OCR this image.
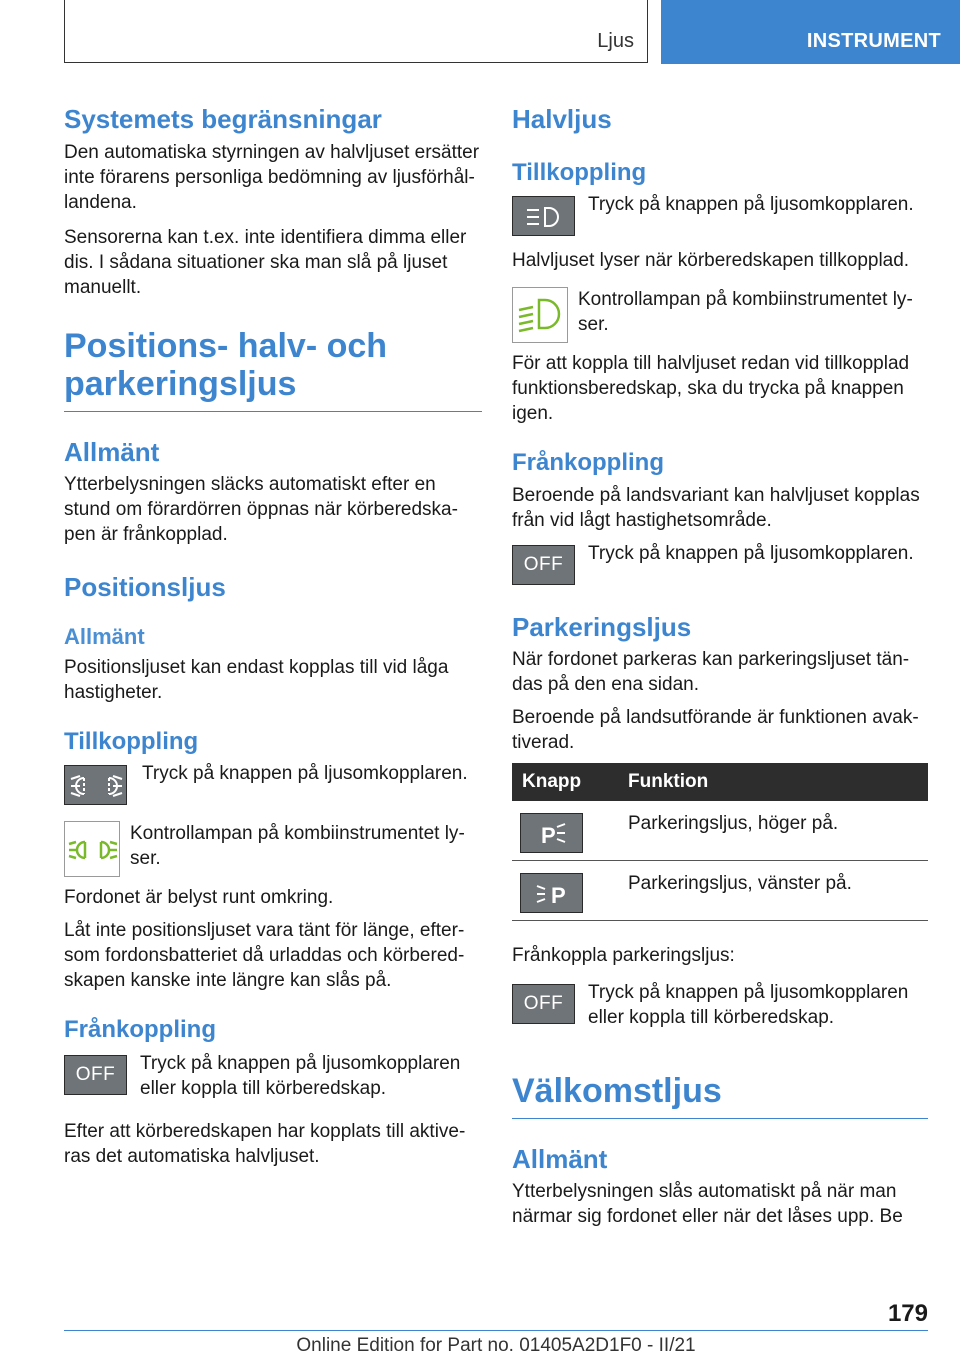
Ljus	INSTRUMENT
Systemets begränsningar

Den automatiska styrningen av halvljuset ersätter inte förarens personliga bedömning av ljusförhållandena.

Sensorerna kan t.ex. inte identifiera dimma eller dis. I sådana situationer ska man slå på ljuset manuellt.

Positions- halv- och parkeringsljus
Allmänt

Ytterbelysningen släcks automatiskt efter en stund om förardörren öppnas när körberedskapen är frånkopplad.

Positionsljus
Allmänt

Positionsljuset kan endast kopplas till vid låga hastigheter.

Tillkoppling
Tryck på knappen på ljusomkopplaren.
Kontrollampan på kombiinstrumentet lyser.

Fordonet är belyst runt omkring.

Låt inte positionsljuset vara tänt för länge, eftersom fordonsbatteriet då urladdas och körberedskapen kanske inte längre kan slås på.

Frånkoppling
OFF
Tryck på knappen på ljusomkopplaren eller koppla till körberedskap.

Efter att körberedskapen har kopplats till aktiveras det automatiska halvljuset.

Halvljus
Tillkoppling
Tryck på knappen på ljusomkopplaren.

Halvljuset lyser när körberedskapen tillkopplad.

Kontrollampan på kombiinstrumentet lyser.

För att koppla till halvljuset redan vid tillkopplad funktionsberedskap, ska du trycka på knappen igen.

Frånkoppling

Beroende på landsvariant kan halvljuset kopplas från vid lågt hastighetsområde.

OFF
Tryck på knappen på ljusomkopplaren.
Parkeringsljus

När fordonet parkeras kan parkeringsljuset tändas på den ena sidan.

Beroende på landsutförande är funktionen avaktiverad.

Knapp	Funktion

P	Parkeringsljus, höger på.

P	Parkeringsljus, vänster på.

Frånkoppla parkeringsljus:

OFF
Tryck på knappen på ljusomkopplaren eller koppla till körberedskap.
Välkomstljus
Allmänt

Ytterbelysningen slås automatiskt på när man närmar sig fordonet eller när det låses upp. Be

179
Online Edition for Part no. 01405A2D1F0 - II/21
